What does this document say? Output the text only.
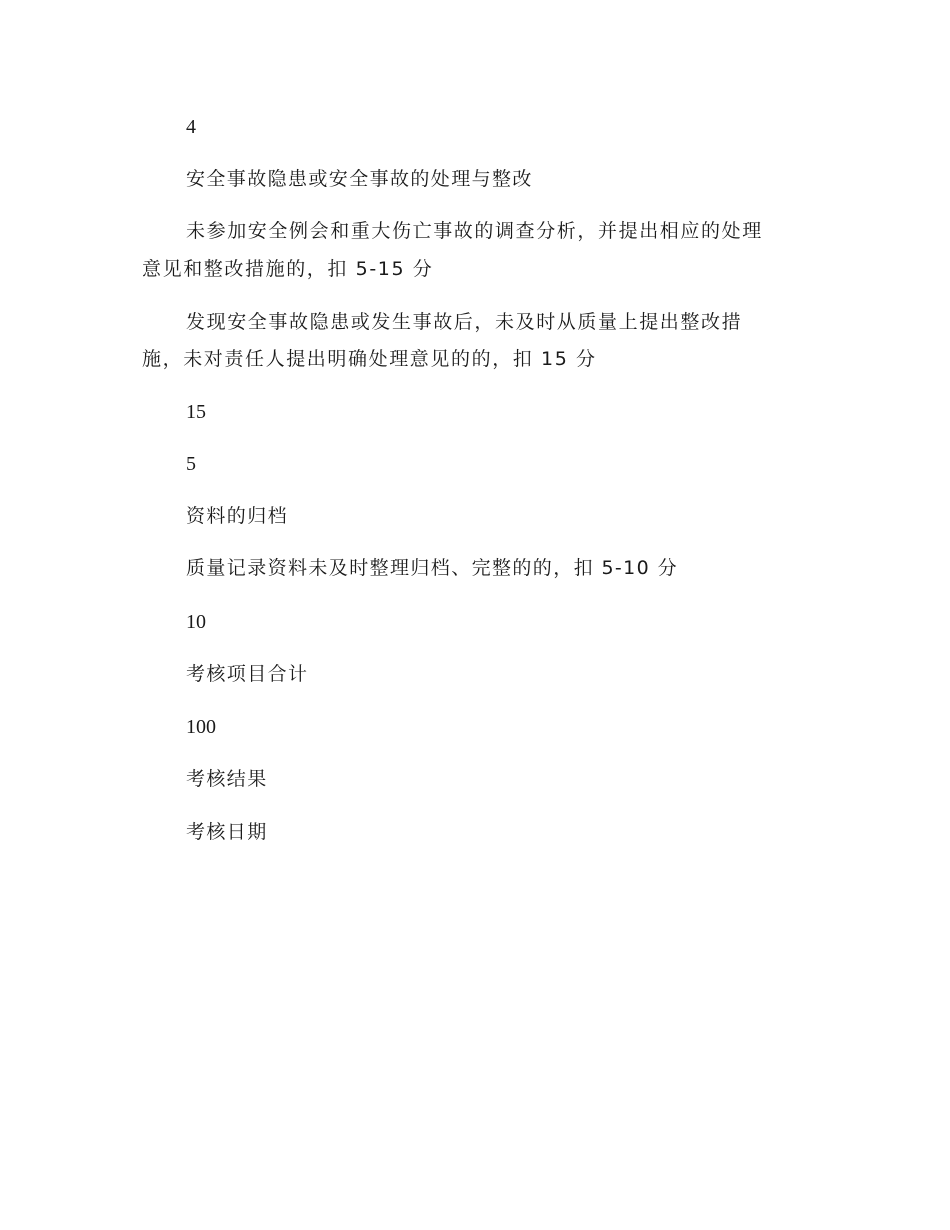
4
安全事故隐患或安全事故的处理与整改
未参加安全例会和重大伤亡事故的调查分析，并提出相应的处理
意见和整改措施的，扣 5-15 分
发现安全事故隐患或发生事故后，未及时从质量上提出整改措
施，未对责任人提出明确处理意见的的，扣 15 分
15
5
资料的归档
质量记录资料未及时整理归档、完整的的，扣 5-10 分
10
考核项目合计
100
考核结果
考核日期
